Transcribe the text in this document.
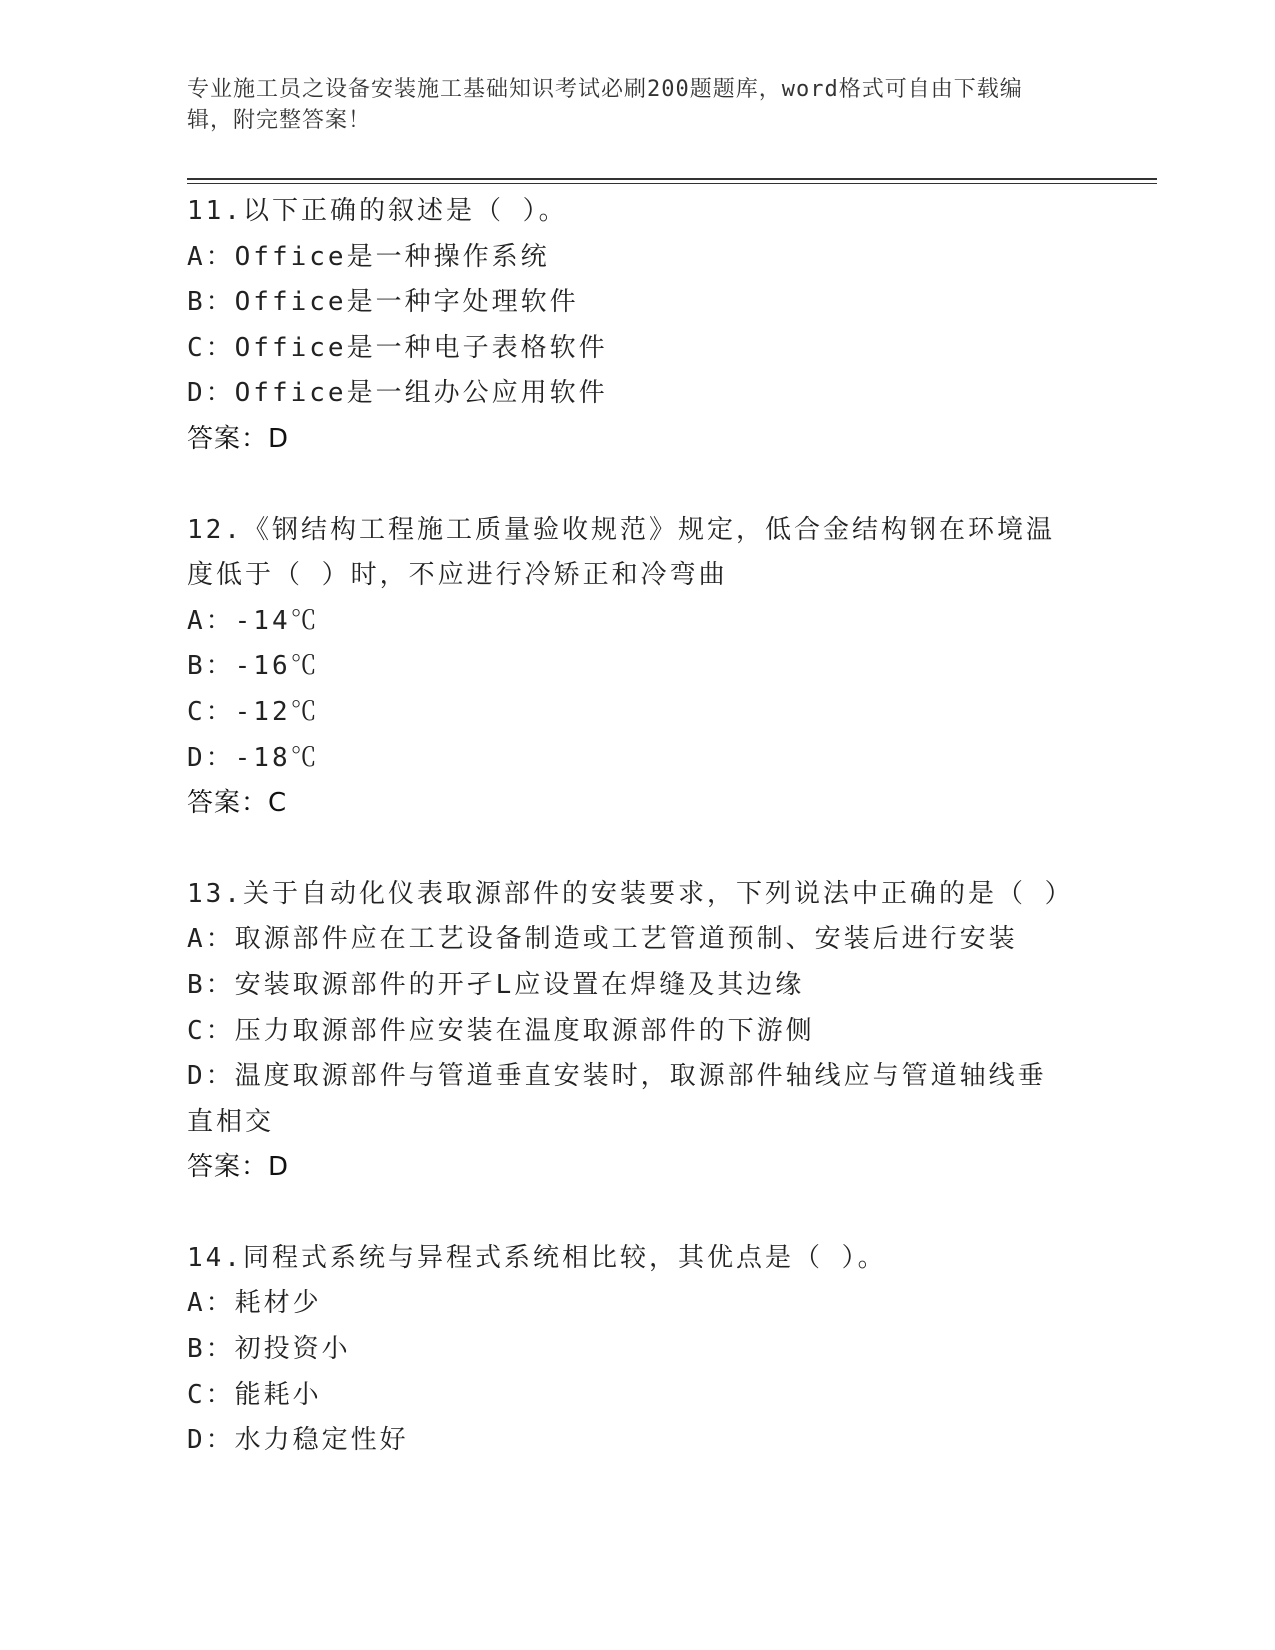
专业施工员之设备安装施工基础知识考试必刷200题题库，word格式可自由下载编辑，附完整答案！
11.以下正确的叙述是（ ）。
A：Office是一种操作系统
B：Office是一种字处理软件
C：Office是一种电子表格软件
D：Office是一组办公应用软件
答案：D
12.《钢结构工程施工质量验收规范》规定，低合金结构钢在环境温度低于（ ）时，不应进行冷矫正和冷弯曲
A：-14℃
B：-16℃
C：-12℃
D：-18℃
答案：C
13.关于自动化仪表取源部件的安装要求，下列说法中正确的是（ ）
A：取源部件应在工艺设备制造或工艺管道预制、安装后进行安装
B：安装取源部件的开孑L应设置在焊缝及其边缘
C：压力取源部件应安装在温度取源部件的下游侧
D：温度取源部件与管道垂直安装时，取源部件轴线应与管道轴线垂直相交
答案：D
14.同程式系统与异程式系统相比较，其优点是（ ）。
A：耗材少
B：初投资小
C：能耗小
D：水力稳定性好
